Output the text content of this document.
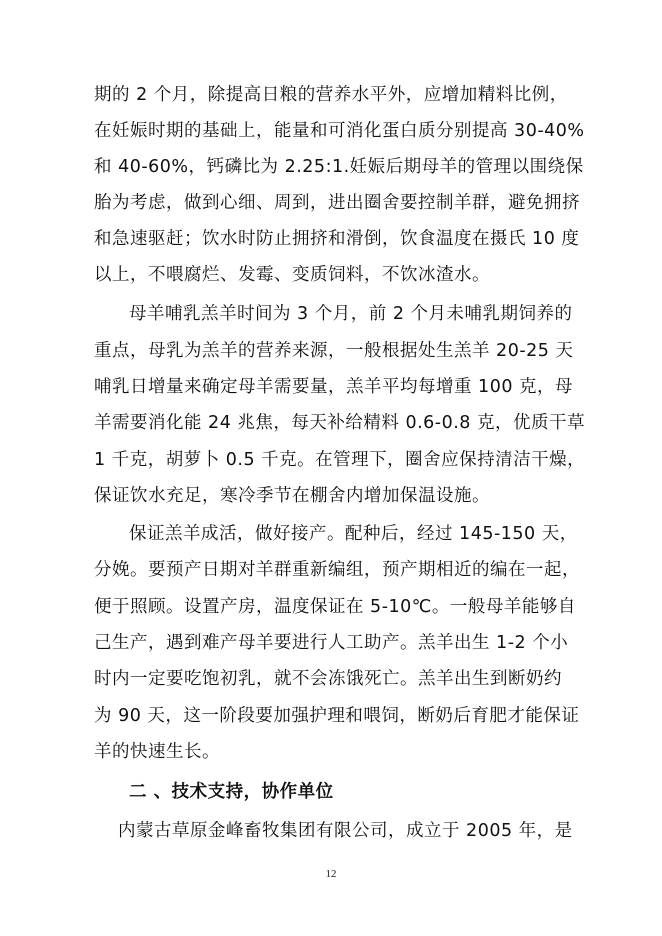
期的 2 个月，除提高日粮的营养水平外，应增加精料比例，
在妊娠时期的基础上，能量和可消化蛋白质分别提高 30-40%
和 40-60%，钙磷比为 2.25:1.妊娠后期母羊的管理以围绕保
胎为考虑，做到心细、周到，进出圈舍要控制羊群，避免拥挤
和急速驱赶；饮水时防止拥挤和滑倒，饮食温度在摄氏 10 度
以上，不喂腐烂、发霉、变质饲料，不饮冰渣水。
母羊哺乳羔羊时间为 3 个月，前 2 个月未哺乳期饲养的
重点，母乳为羔羊的营养来源，一般根据处生羔羊 20-25 天
哺乳日增量来确定母羊需要量，羔羊平均每增重 100 克，母
羊需要消化能 24 兆焦，每天补给精料 0.6-0.8 克，优质干草
1 千克，胡萝卜 0.5 千克。在管理下，圈舍应保持清洁干燥，
保证饮水充足，寒冷季节在棚舍内增加保温设施。
保证羔羊成活，做好接产。配种后，经过 145-150 天，
分娩。要预产日期对羊群重新编组，预产期相近的编在一起，
便于照顾。设置产房，温度保证在 5-10℃。一般母羊能够自
己生产，遇到难产母羊要进行人工助产。羔羊出生 1-2 个小
时内一定要吃饱初乳，就不会冻饿死亡。羔羊出生到断奶约
为 90 天，这一阶段要加强护理和喂饲，断奶后育肥才能保证
羊的快速生长。
二 、技术支持，协作单位
内蒙古草原金峰畜牧集团有限公司，成立于 2005 年，是
12
